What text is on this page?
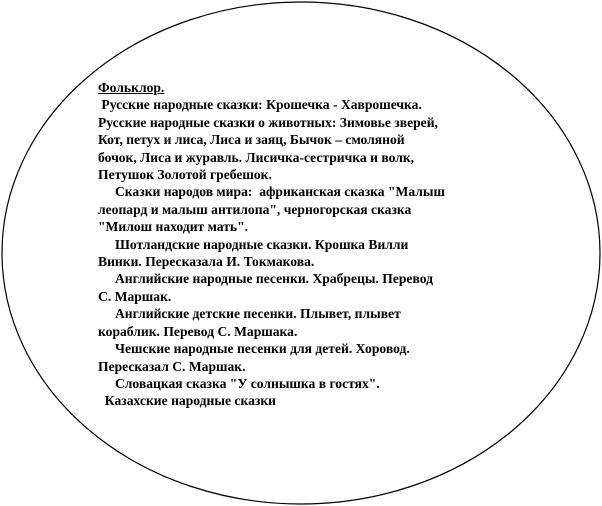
Фольклор.
Русские народные сказки: Крошечка - Хаврошечка.
Русские народные сказки о животных: Зимовье зверей,
Кот, петух и лиса, Лиса и заяц, Бычок – смоляной
бочок, Лиса и журавль. Лисичка-сестричка и волк,
Петушок Золотой гребешок.
Сказки народов мира:  африканская сказка "Малыш
леопард и малыш антилопа", черногорская сказка
"Милош находит мать".
Шотландские народные сказки. Крошка Вилли
Винки. Пересказала И. Токмакова.
Английские народные песенки. Храбрецы. Перевод
С. Маршак.
Английские детские песенки. Плывет, плывет
кораблик. Перевод С. Маршака.
Чешские народные песенки для детей. Хоровод.
Пересказал С. Маршак.
Словацкая сказка "У солнышка в гостях".
Казахские народные сказки
